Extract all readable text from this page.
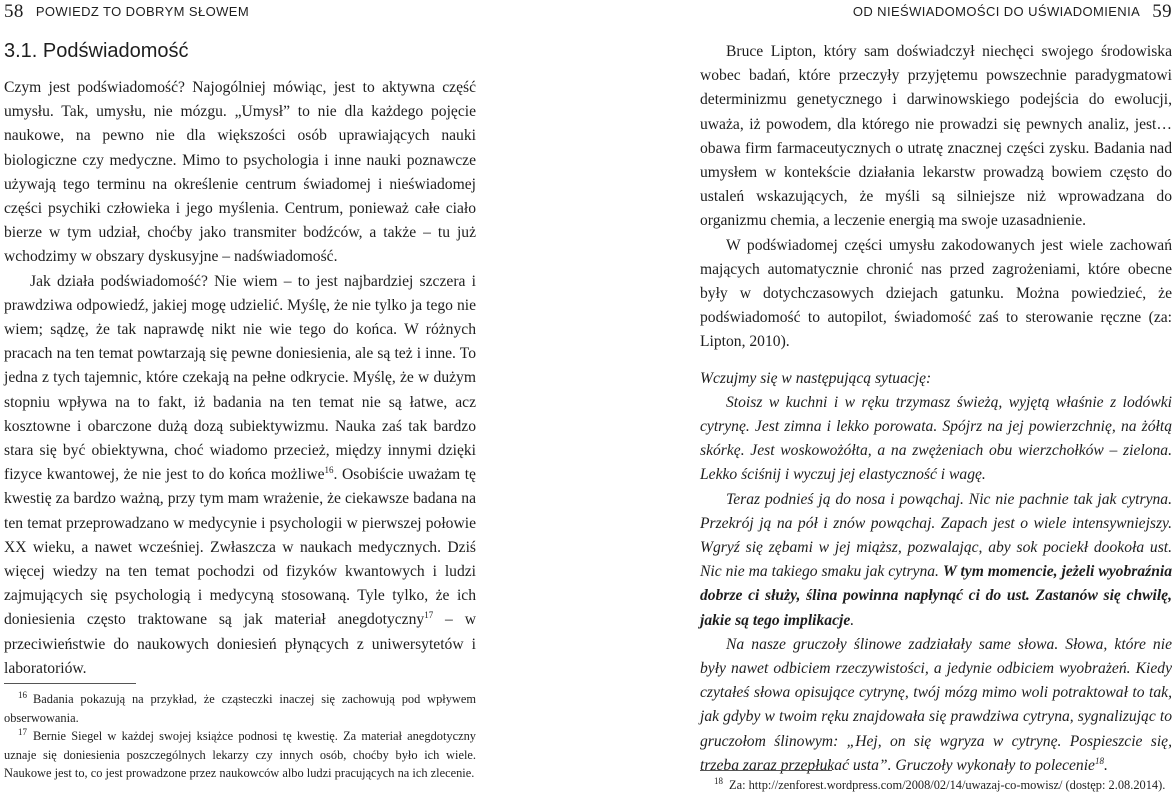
58 POWIEDZ TO DOBRYM SŁOWEM
3.1. Podświadomość

Czym jest podświadomość? Najogólniej mówiąc, jest to aktywna część umysłu. Tak, umysłu, nie mózgu. „Umysł” to nie dla każdego pojęcie naukowe, na pewno nie dla większości osób uprawiających nauki biologiczne czy medyczne. Mimo to psychologia i inne nauki poznawcze używają tego terminu na określenie centrum świadomej i nieświadomej części psychiki człowieka i jego myślenia. Centrum, ponieważ całe ciało bierze w tym udział, choćby jako transmiter bodźców, a także – tu już wchodzimy w obszary dyskusyjne – nadświadomość.

Jak działa podświadomość? Nie wiem – to jest najbardziej szczera i prawdziwa odpowiedź, jakiej mogę udzielić. Myślę, że nie tylko ja tego nie wiem; sądzę, że tak naprawdę nikt nie wie tego do końca. W różnych pracach na ten temat powtarzają się pewne doniesienia, ale są też i inne. To jedna z tych tajemnic, które czekają na pełne odkrycie. Myślę, że w dużym stopniu wpływa na to fakt, iż badania na ten temat nie są łatwe, acz kosztowne i obarczone dużą dozą subiektywizmu. Nauka zaś tak bardzo stara się być obiektywna, choć wiadomo przecież, między innymi dzięki fizyce kwantowej, że nie jest to do końca możliwe$^{16}$. Osobiście uważam tę kwestię za bardzo ważną, przy tym mam wrażenie, że ciekawsze badana na ten temat przeprowadzano w medycynie i psychologii w pierwszej połowie XX wieku, a nawet wcześniej. Zwłaszcza w naukach medycznych. Dziś więcej wiedzy na ten temat pochodzi od fizyków kwantowych i ludzi zajmujących się psychologią i medycyną stosowaną. Tyle tylko, że ich doniesienia często traktowane są jak materiał anegdotyczny$^{17}$ – w przeciwieństwie do naukowych doniesień płynących z uniwersytetów i laboratoriów.

$^{16}$ Badania pokazują na przykład, że cząsteczki inaczej się zachowują pod wpływem obserwowania.

$^{17}$ Bernie Siegel w każdej swojej książce podnosi tę kwestię. Za materiał anegdotyczny uznaje się doniesienia poszczególnych lekarzy czy innych osób, choćby było ich wiele. Naukowe jest to, co jest prowadzone przez naukowców albo ludzi pracujących na ich zlecenie.

OD NIEŚWIADOMOŚCI DO UŚWIADOMIENIA 59

Bruce Lipton, który sam doświadczył niechęci swojego środowiska wobec badań, które przeczyły przyjętemu powszechnie paradygmatowi determinizmu genetycznego i darwinowskiego podejścia do ewolucji, uważa, iż powodem, dla którego nie prowadzi się pewnych analiz, jest… obawa firm farmaceutycznych o utratę znacznej części zysku. Badania nad umysłem w kontekście działania lekarstw prowadzą bowiem często do ustaleń wskazujących, że myśli są silniejsze niż wprowadzana do organizmu chemia, a leczenie energią ma swoje uzasadnienie.

W podświadomej części umysłu zakodowanych jest wiele zachowań mających automatycznie chronić nas przed zagrożeniami, które obecne były w dotychczasowych dziejach gatunku. Można powiedzieć, że podświadomość to autopilot, świadomość zaś to sterowanie ręczne (za: Lipton, 2010).

Wczujmy się w następującą sytuację:

Stoisz w kuchni i w ręku trzymasz świeżą, wyjętą właśnie z lodówki cytrynę. Jest zimna i lekko porowata. Spójrz na jej powierzchnię, na żółtą skórkę. Jest woskowożółta, a na zwężeniach obu wierzchołków – zielona. Lekko ściśnij i wyczuj jej elastyczność i wagę.

Teraz podnieś ją do nosa i powąchaj. Nic nie pachnie tak jak cytryna. Przekrój ją na pół i znów powąchaj. Zapach jest o wiele intensywniejszy. Wgryź się zębami w jej miąższ, pozwalając, aby sok pociekł dookoła ust. Nic nie ma takiego smaku jak cytryna. W tym momencie, jeżeli wyobraźnia dobrze ci służy, ślina powinna napłynąć ci do ust. Zastanów się chwilę, jakie są tego implikacje.

Na nasze gruczoły ślinowe zadziałały same słowa. Słowa, które nie były nawet odbiciem rzeczywistości, a jedynie odbiciem wyobrażeń. Kiedy czytałeś słowa opisujące cytrynę, twój mózg mimo woli potraktował to tak, jak gdyby w twoim ręku znajdowała się prawdziwa cytryna, sygnalizując to gruczołom ślinowym: „Hej, on się wgryza w cytrynę. Pospieszcie się, trzeba zaraz przepłukać usta”. Gruczoły wykonały to polecenie$^{18}$.

$^{18}$ Za: http://zenforest.wordpress.com/2008/02/14/uwazaj-co-mowisz/ (dostęp: 2.08.2014).
